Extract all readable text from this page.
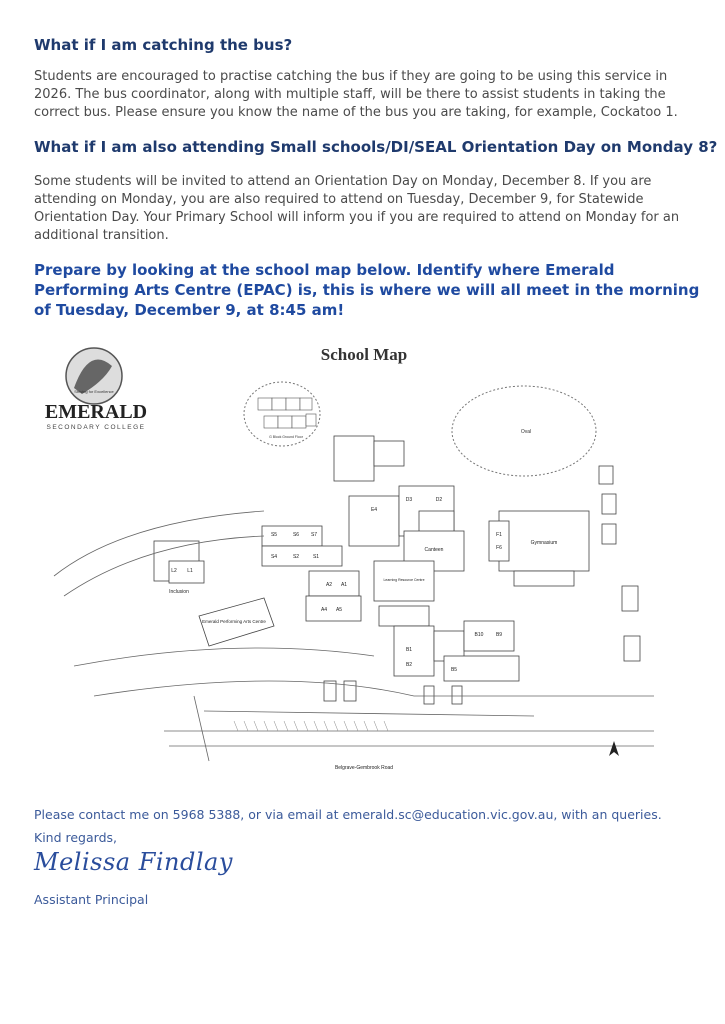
What if I am catching the bus?
Students are encouraged to practise catching the bus if they are going to be using this service in 2026. The bus coordinator, along with multiple staff, will be there to assist students in taking the correct bus. Please ensure you know the name of the bus you are taking, for example, Cockatoo 1.
What if I am also attending Small schools/DI/SEAL Orientation Day on Monday 8?
Some students will be invited to attend an Orientation Day on Monday, December 8. If you are attending on Monday, you are also required to attend on Tuesday, December 9, for Statewide Orientation Day. Your Primary School will inform you if you are required to attend on Monday for an additional transition.
Prepare by looking at the school map below. Identify where Emerald Performing Arts Centre (EPAC) is, this is where we will all meet in the morning of Tuesday, December 9, at 8:45 am!
Striving for Excellence
EMERALD
SECONDARY COLLEGE
School Map
Oval
G Block Ground Floor
E4
D3	D2
S5	S6 S7
S4	S2	S1
L2 L1
A2 A1
A4 A5
B10 B9
B1
B2
B5
F6
F1
Gymnasium
Canteen
Inclusion
Emerald Performing Arts Centre
Learning Resource Centre
Belgrave-Gembrook Road
Please contact me on 5968 5388, or via email at emerald.sc@education.vic.gov.au, with an queries.
Kind regards,
Melissa Findlay
Assistant Principal
